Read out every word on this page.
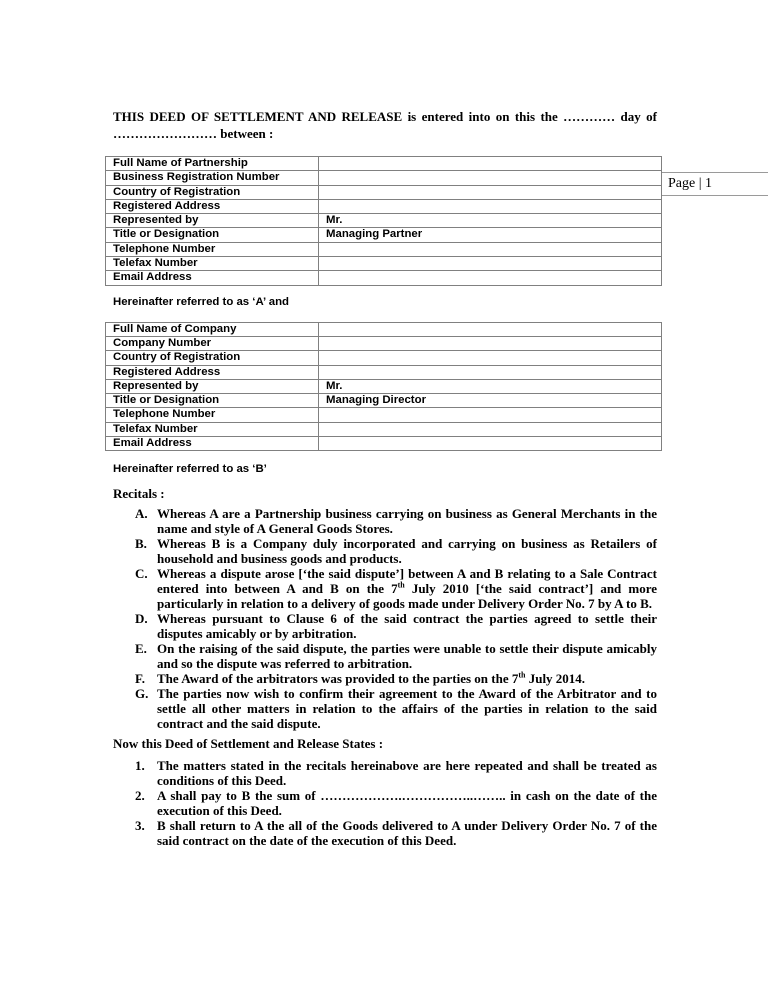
Page | 1

THIS DEED OF SETTLEMENT AND RELEASE is entered into on this the ………… day of …………………… between :

Full Name of Partnership	
Business Registration Number	
Country of Registration	
Registered Address	
Represented by	Mr.
Title or Designation	Managing Partner
Telephone Number	
Telefax Number	
Email Address	

Hereinafter referred to as ‘A’ and

Full Name of Company	
Company Number	
Country of Registration	
Registered Address	
Represented by	Mr.
Title or Designation	Managing Director
Telephone Number	
Telefax Number	
Email Address	

Hereinafter referred to as ‘B’

Recitals :

A. Whereas A are a Partnership business carrying on business as General Merchants in the name and style of A General Goods Stores.
B. Whereas B is a Company duly incorporated and carrying on business as Retailers of household and business goods and products.
C. Whereas a dispute arose [‘the said dispute’] between A and B relating to a Sale Contract entered into between A and B on the 7th July 2010 [‘the said contract’] and more particularly in relation to a delivery of goods made under Delivery Order No. 7 by A to B.
D. Whereas pursuant to Clause 6 of the said contract the parties agreed to settle their disputes amicably or by arbitration.
E. On the raising of the said dispute, the parties were unable to settle their dispute amicably and so the dispute was referred to arbitration.
F. The Award of the arbitrators was provided to the parties on the 7th July 2014.
G. The parties now wish to confirm their agreement to the Award of the Arbitrator and to settle all other matters in relation to the affairs of the parties in relation to the said contract and the said dispute.

Now this Deed of Settlement and Release States :

1. The matters stated in the recitals hereinabove are here repeated and shall be treated as conditions of this Deed.
2. A shall pay to B the sum of ……………….……………..…….. in cash on the date of the execution of this Deed.
3. B shall return to A the all of the Goods delivered to A under Delivery Order No. 7 of the said contract on the date of the execution of this Deed.
